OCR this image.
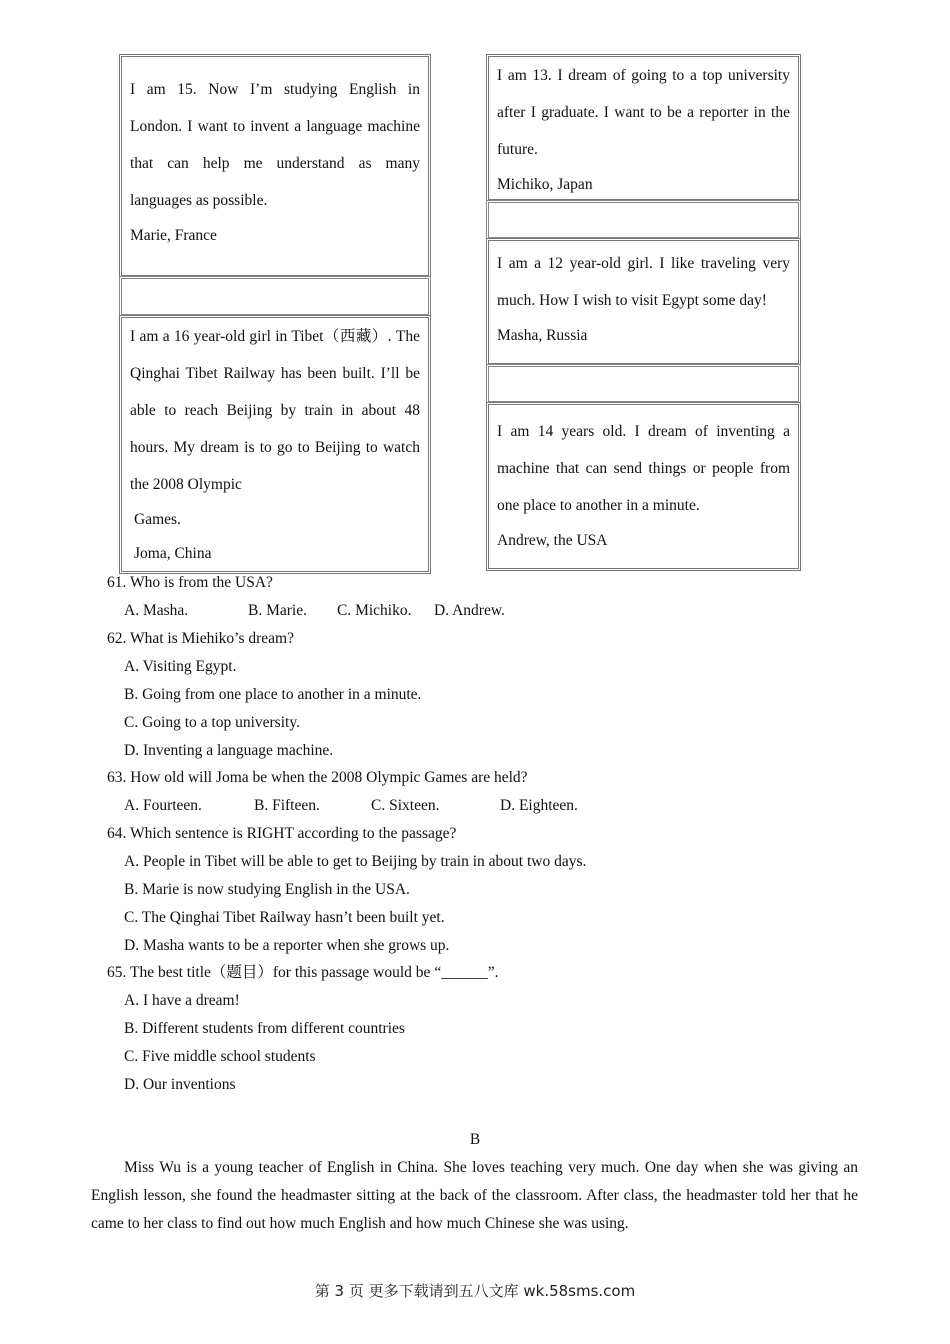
I am 15. Now I’m studying English in London. I want to invent a language machine that can help me understand as many languages as possible.
Marie, France
I am a 16 year-old girl in Tibet（西藏）. The Qinghai Tibet Railway has been built. I’ll be able to reach Beijing by train in about 48 hours. My dream is to go to Beijing to watch the 2008 Olympic
Games.
Joma, China
I am 13. I dream of going to a top university after I graduate. I want to be a reporter in the future.
Michiko, Japan
I am a 12 year-old girl. I like traveling very much. How I wish to visit Egypt some day!
Masha, Russia
I am 14 years old. I dream of inventing a machine that can send things or people from one place to another in a minute.
Andrew, the USA
61. Who is from the USA?
A. Masha.	B. Marie. C. Michiko. D. Andrew.
62. What is Miehiko’s dream?
A. Visiting Egypt.
B. Going from one place to another in a minute.
C. Going to a top university.
D. Inventing a language machine.
63. How old will Joma be when the 2008 Olympic Games are held?
A. Fourteen.	B. Fifteen.	C. Sixteen.	D. Eighteen.
64. Which sentence is RIGHT according to the passage?
A. People in Tibet will be able to get to Beijing by train in about two days.
B. Marie is now studying English in the USA.
C. The Qinghai Tibet Railway hasn’t been built yet.
D. Masha wants to be a reporter when she grows up.
65. The best title（题目）for this passage would be “______”.
A. I have a dream!
B. Different students from different countries
C. Five middle school students
D. Our inventions
B
Miss Wu is a young teacher of English in China. She loves teaching very much. One day when she was giving an English lesson, she found the headmaster sitting at the back of the classroom. After class, the headmaster told her that he came to her class to find out how much English and how much Chinese she was using.
第 3 页 更多下载请到五八文库 wk.58sms.com
